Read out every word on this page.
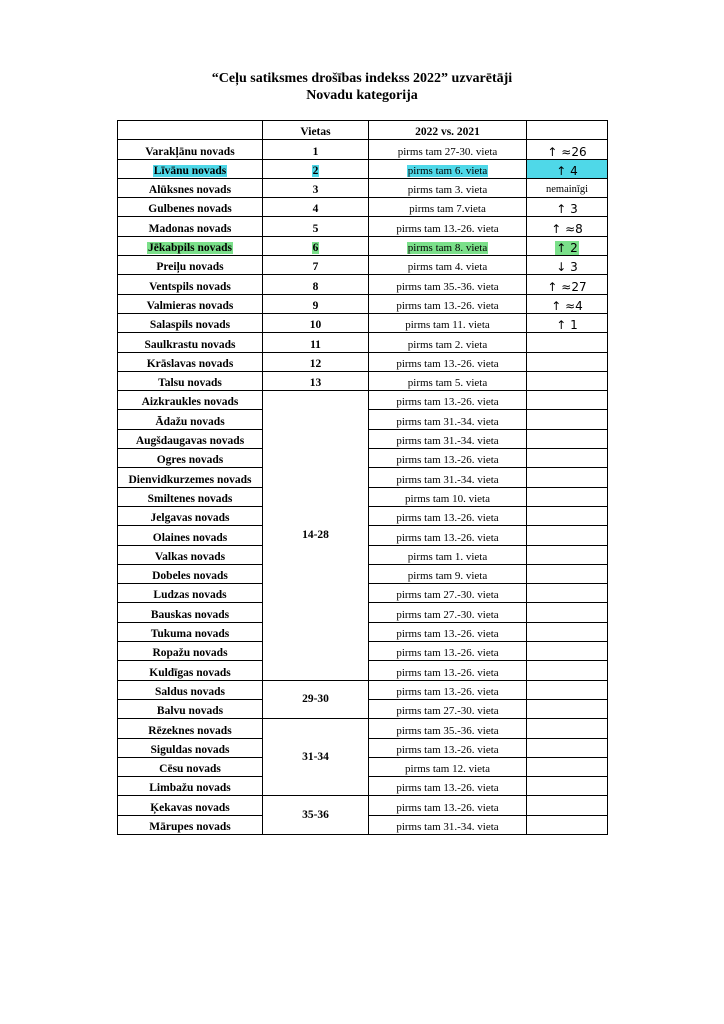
“Ceļu satiksmes drošības indekss 2022” uzvarētāji
Novadu kategorija
	Vietas	2022 vs. 2021	
Varakļānu novads	1	pirms tam 27-30. vieta	↑ ≈26
Līvānu novads	2	pirms tam 6. vieta	↑ 4
Alūksnes novads	3	pirms tam 3. vieta	nemainīgi
Gulbenes novads	4	pirms tam 7.vieta	↑ 3
Madonas novads	5	pirms tam 13.-26. vieta	↑ ≈8
Jēkabpils novads	6	pirms tam 8. vieta	↑ 2
Preiļu novads	7	pirms tam 4. vieta	↓ 3
Ventspils novads	8	pirms tam 35.-36. vieta	↑ ≈27
Valmieras novads	9	pirms tam 13.-26. vieta	↑ ≈4
Salaspils novads	10	pirms tam 11. vieta	↑ 1
Saulkrastu novads	11	pirms tam 2. vieta	
Krāslavas novads	12	pirms tam 13.-26. vieta	
Talsu novads	13	pirms tam 5. vieta	
Aizkraukles novads	14-28	pirms tam 13.-26. vieta	
Ādažu novads		pirms tam 31.-34. vieta	
Augšdaugavas novads		pirms tam 31.-34. vieta	
Ogres novads		pirms tam 13.-26. vieta	
Dienvidkurzemes novads		pirms tam 31.-34. vieta	
Smiltenes novads		pirms tam 10. vieta	
Jelgavas novads		pirms tam 13.-26. vieta	
Olaines novads		pirms tam 13.-26. vieta	
Valkas novads		pirms tam 1. vieta	
Dobeles novads		pirms tam 9. vieta	
Ludzas novads		pirms tam 27.-30. vieta	
Bauskas novads		pirms tam 27.-30. vieta	
Tukuma novads		pirms tam 13.-26. vieta	
Ropažu novads		pirms tam 13.-26. vieta	
Kuldīgas novads		pirms tam 13.-26. vieta	
Saldus novads	29-30	pirms tam 13.-26. vieta	
Balvu novads		pirms tam 27.-30. vieta	
Rēzeknes novads	31-34	pirms tam 35.-36. vieta	
Siguldas novads		pirms tam 13.-26. vieta	
Cēsu novads		pirms tam 12. vieta	
Limbažu novads		pirms tam 13.-26. vieta	
Ķekavas novads	35-36	pirms tam 13.-26. vieta	
Mārupes novads		pirms tam 31.-34. vieta	
